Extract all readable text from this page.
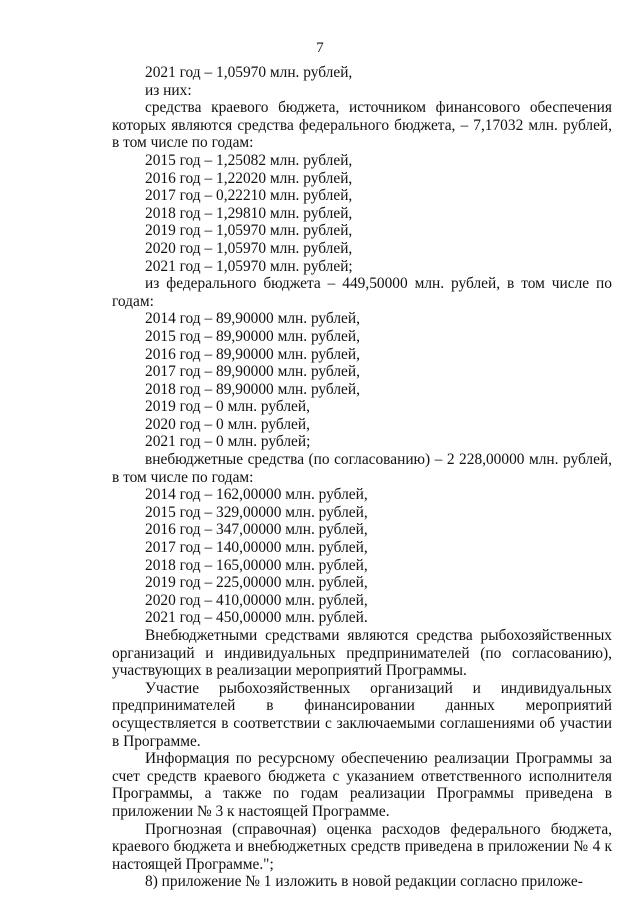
7

2021 год – 1,05970 млн. рублей,

из них:

средства краевого бюджета, источником финансового обеспечения которых являются средства федерального бюджета, – 7,17032 млн. рублей, в том числе по годам:

2015 год – 1,25082 млн. рублей,

2016 год – 1,22020 млн. рублей,

2017 год – 0,22210 млн. рублей,

2018 год – 1,29810 млн. рублей,

2019 год – 1,05970 млн. рублей,

2020 год – 1,05970 млн. рублей,

2021 год – 1,05970 млн. рублей;

из федерального бюджета – 449,50000 млн. рублей, в том числе по годам:

2014 год – 89,90000 млн. рублей,

2015 год – 89,90000 млн. рублей,

2016 год – 89,90000 млн. рублей,

2017 год – 89,90000 млн. рублей,

2018 год – 89,90000 млн. рублей,

2019 год – 0 млн. рублей,

2020 год – 0 млн. рублей,

2021 год – 0 млн. рублей;

внебюджетные средства (по согласованию) – 2 228,00000 млн. рублей, в том числе по годам:

2014 год – 162,00000 млн. рублей,

2015 год – 329,00000 млн. рублей,

2016 год – 347,00000 млн. рублей,

2017 год – 140,00000 млн. рублей,

2018 год – 165,00000 млн. рублей,

2019 год – 225,00000 млн. рублей,

2020 год – 410,00000 млн. рублей,

2021 год – 450,00000 млн. рублей.

Внебюджетными средствами являются средства рыбохозяйственных организаций и индивидуальных предпринимателей (по согласованию), участвующих в реализации мероприятий Программы.

Участие рыбохозяйственных организаций и индивидуальных предпринимателей в финансировании данных мероприятий осуществляется в соответствии с заключаемыми соглашениями об участии в Программе.

Информация по ресурсному обеспечению реализации Программы за счет средств краевого бюджета с указанием ответственного исполнителя Программы, а также по годам реализации Программы приведена в приложении № 3 к настоящей Программе.

Прогнозная (справочная) оценка расходов федерального бюджета, краевого бюджета и внебюджетных средств приведена в приложении № 4 к настоящей Программе.";

8) приложение № 1 изложить в новой редакции согласно приложе-
